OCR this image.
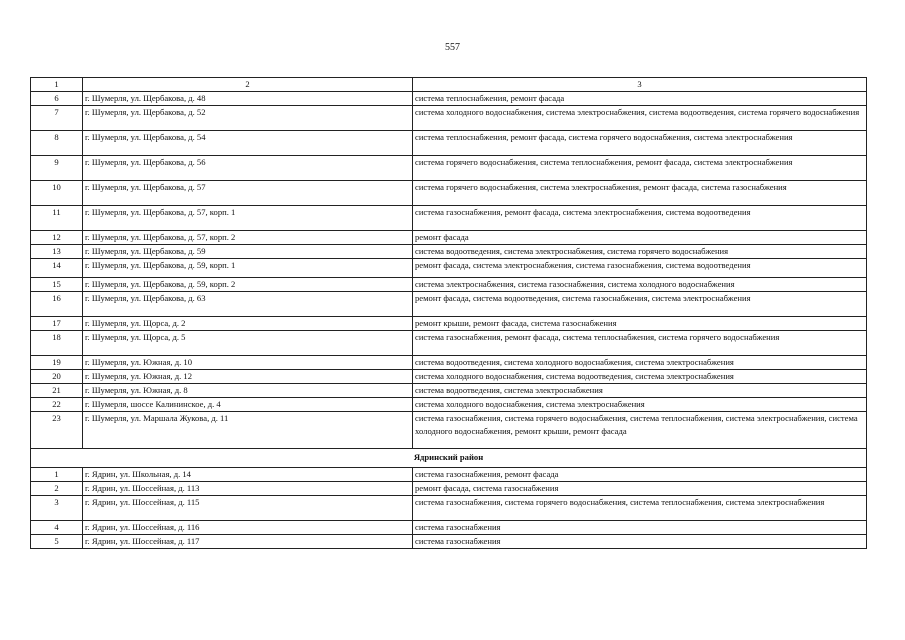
557
1	2	3
6	г. Шумерля, ул. Щербакова, д. 48	система теплоснабжения, ремонт фасада
7	г. Шумерля, ул. Щербакова, д. 52	система холодного водоснабжения, система электроснабжения, система водоотведения, система горячего водоснабжения
8	г. Шумерля, ул. Щербакова, д. 54	система теплоснабжения, ремонт фасада, система горячего водоснабжения, система электроснабжения
9	г. Шумерля, ул. Щербакова, д. 56	система горячего водоснабжения, система теплоснабжения, ремонт фасада, система электроснабжения
10	г. Шумерля, ул. Щербакова, д. 57	система горячего водоснабжения, система электроснабжения, ремонт фасада, система газоснабжения
11	г. Шумерля, ул. Щербакова, д. 57, корп. 1	система газоснабжения, ремонт фасада, система электроснабжения, система водоотведения
12	г. Шумерля, ул. Щербакова, д. 57, корп. 2	ремонт фасада
13	г. Шумерля, ул. Щербакова, д. 59	система водоотведения, система электроснабжения, система горячего водоснабжения
14	г. Шумерля, ул. Щербакова, д. 59, корп. 1	ремонт фасада, система электроснабжения, система газоснабжения, система водоотведения
15	г. Шумерля, ул. Щербакова, д. 59, корп. 2	система электроснабжения, система газоснабжения, система холодного водоснабжения
16	г. Шумерля, ул. Щербакова, д. 63	ремонт фасада, система водоотведения, система газоснабжения, система электроснабжения
17	г. Шумерля, ул. Щорса, д. 2	ремонт крыши, ремонт фасада, система газоснабжения
18	г. Шумерля, ул. Щорса, д. 5	система газоснабжения, ремонт фасада, система теплоснабжения, система горячего водоснабжения
19	г. Шумерля, ул. Южная, д. 10	система водоотведения, система холодного водоснабжения, система электроснабжения
20	г. Шумерля, ул. Южная, д. 12	система холодного водоснабжения, система водоотведения, система электроснабжения
21	г. Шумерля, ул. Южная, д. 8	система водоотведения, система электроснабжения
22	г. Шумерля, шоссе Калининское, д. 4	система холодного водоснабжения, система электроснабжения
23	г. Шумерля, ул. Маршала Жукова, д. 11	система газоснабжения, система горячего водоснабжения, система теплоснабжения, система электроснабжения, система холодного водоснабжения, ремонт крыши, ремонт фасада
Ядринский район		
1	г. Ядрин, ул. Школьная, д. 14	система газоснабжения, ремонт фасада
2	г. Ядрин, ул. Шоссейная, д. 113	ремонт фасада, система газоснабжения
3	г. Ядрин, ул. Шоссейная, д. 115	система газоснабжения, система горячего водоснабжения, система теплоснабжения, система электроснабжения
4	г. Ядрин, ул. Шоссейная, д. 116	система газоснабжения
5	г. Ядрин, ул. Шоссейная, д. 117	система газоснабжения
